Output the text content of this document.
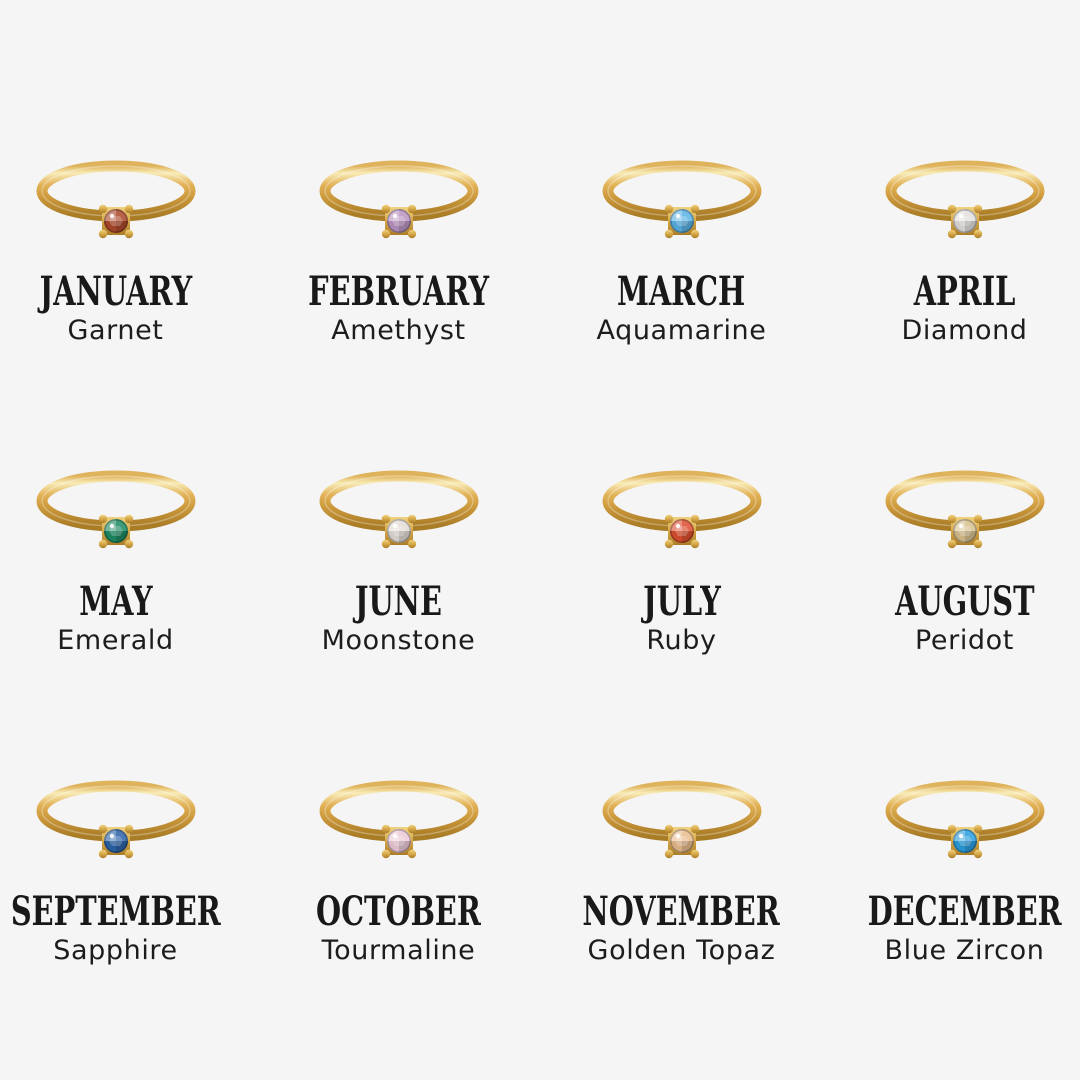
JANUARY
Garnet
FEBRUARY
Amethyst
MARCH
Aquamarine
APRIL
Diamond
MAY
Emerald
JUNE
Moonstone
JULY
Ruby
AUGUST
Peridot
SEPTEMBER
Sapphire
OCTOBER
Tourmaline
NOVEMBER
Golden Topaz
DECEMBER
Blue Zircon
